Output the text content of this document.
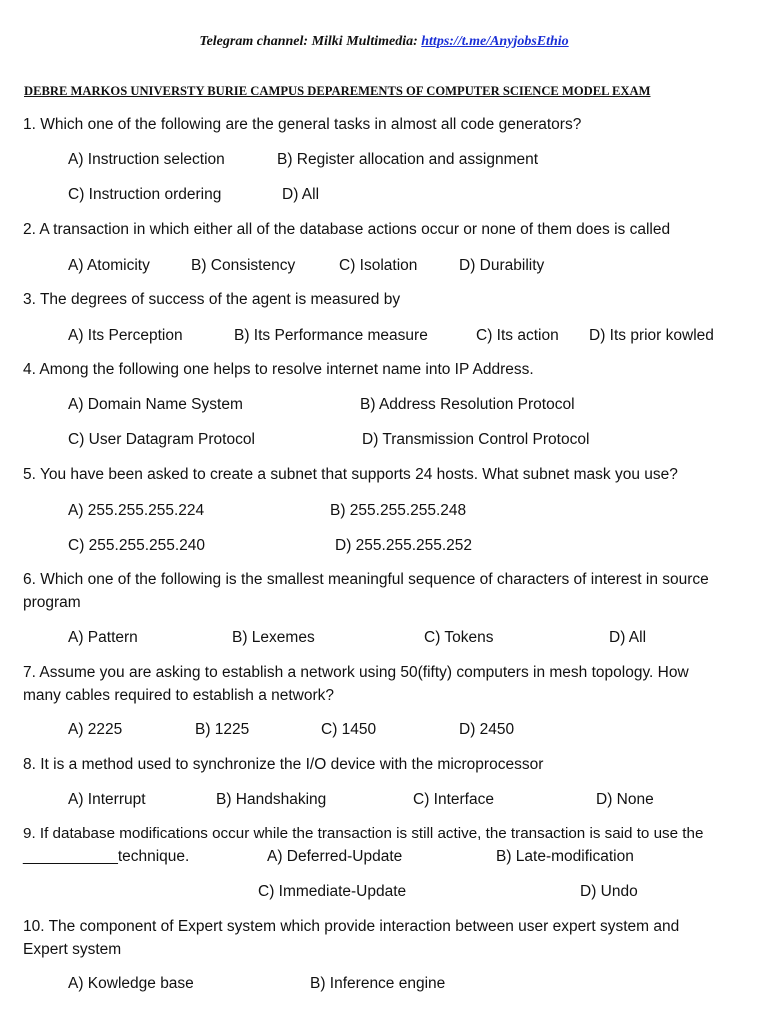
Telegram channel: Milki Multimedia: https://t.me/AnyjobsEthio
DEBRE MARKOS UNIVERSTY BURIE CAMPUS DEPAREMENTS OF COMPUTER SCIENCE MODEL EXAM
1. Which one of the following are the general tasks in almost all code generators?
A) Instruction selection	B) Register allocation and assignment
C) Instruction ordering	D) All
2. A transaction in which either all of the database actions occur or none of them does is called
A) Atomicity	B) Consistency	C) Isolation	D) Durability
3. The degrees of success of the agent is measured by
A) Its Perception	B) Its Performance measure	C) Its action D) Its prior kowled
4. Among the following one helps to resolve internet name into IP Address.
A) Domain Name System	B) Address Resolution Protocol
C) User Datagram Protocol	D) Transmission Control Protocol
5. You have been asked to create a subnet that supports 24 hosts. What subnet mask you use?
A) 255.255.255.224	B) 255.255.255.248
C) 255.255.255.240	D) 255.255.255.252
6. Which one of the following is the smallest meaningful sequence of characters of interest in source
program
A) Pattern	B) Lexemes	C) Tokens	D) All
7. Assume you are asking to establish a network using 50(fifty) computers in mesh topology. How
many cables required to establish a network?
A) 2225	B) 1225	C) 1450	D) 2450
8. It is a method used to synchronize the I/O device with the microprocessor
A) Interrupt	B) Handshaking	C) Interface	D) None
9. If database modifications occur while the transaction is still active, the transaction is said to use the
___________technique.	A) Deferred-Update	B) Late-modification
C) Immediate-Update	D) Undo
10. The component of Expert system which provide interaction between user expert system and
Expert system
A) Kowledge base	B) Inference engine
